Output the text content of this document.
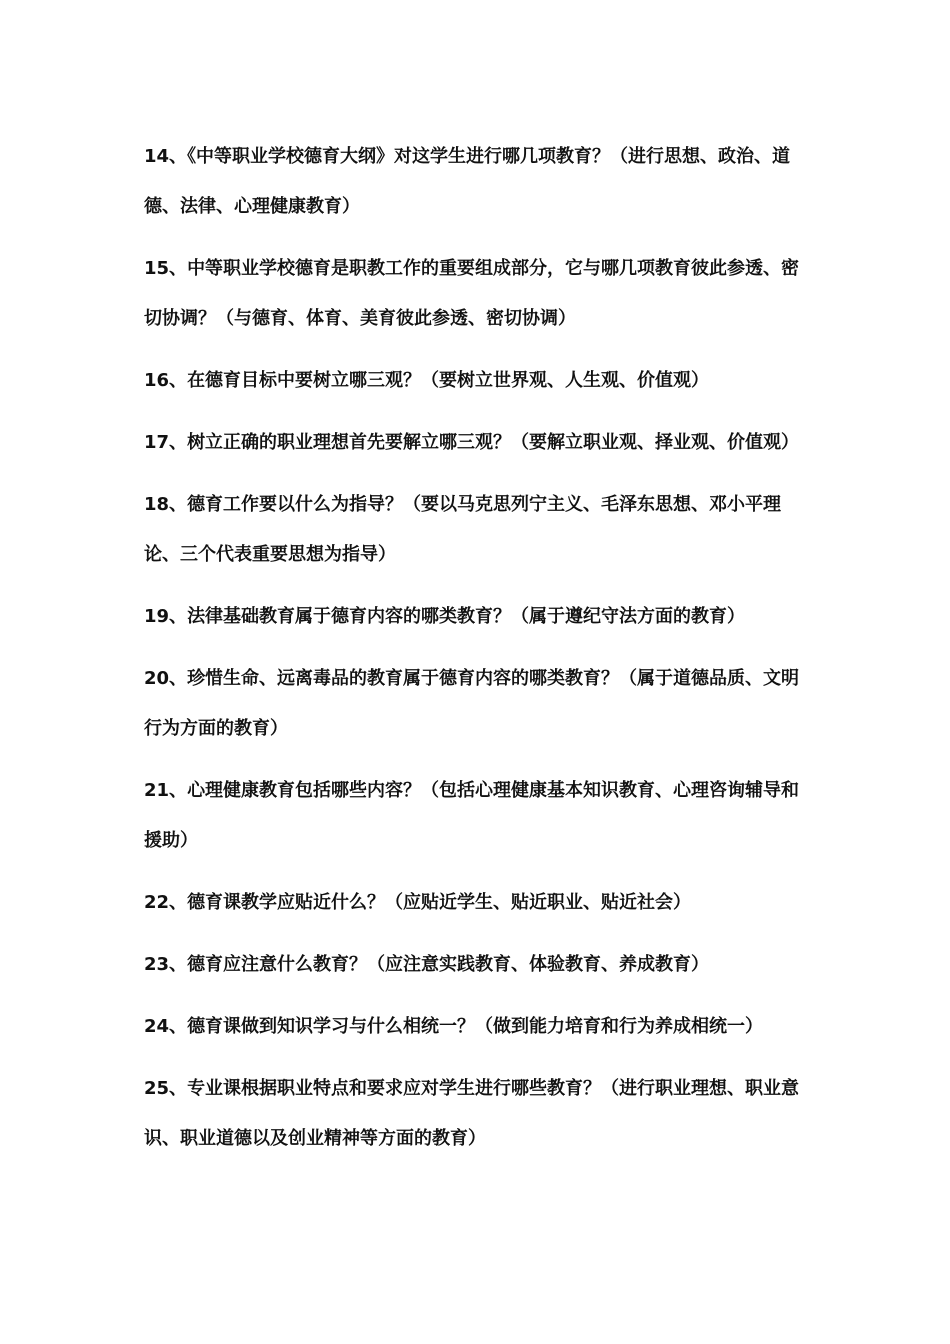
14、《中等职业学校德育大纲》对这学生进行哪几项教育？（进行思想、政治、道德、法律、心理健康教育）
15、中等职业学校德育是职教工作的重要组成部分，它与哪几项教育彼此参透、密切协调？（与德育、体育、美育彼此参透、密切协调）
16、在德育目标中要树立哪三观？（要树立世界观、人生观、价值观）
17、树立正确的职业理想首先要解立哪三观？（要解立职业观、择业观、价值观）
18、德育工作要以什么为指导？（要以马克思列宁主义、毛泽东思想、邓小平理论、三个代表重要思想为指导）
19、法律基础教育属于德育内容的哪类教育？（属于遵纪守法方面的教育）
20、珍惜生命、远离毒品的教育属于德育内容的哪类教育？（属于道德品质、文明行为方面的教育）
21、心理健康教育包括哪些内容？（包括心理健康基本知识教育、心理咨询辅导和援助）
22、德育课教学应贴近什么？（应贴近学生、贴近职业、贴近社会）
23、德育应注意什么教育？（应注意实践教育、体验教育、养成教育）
24、德育课做到知识学习与什么相统一？（做到能力培育和行为养成相统一）
25、专业课根据职业特点和要求应对学生进行哪些教育？（进行职业理想、职业意识、职业道德以及创业精神等方面的教育）
